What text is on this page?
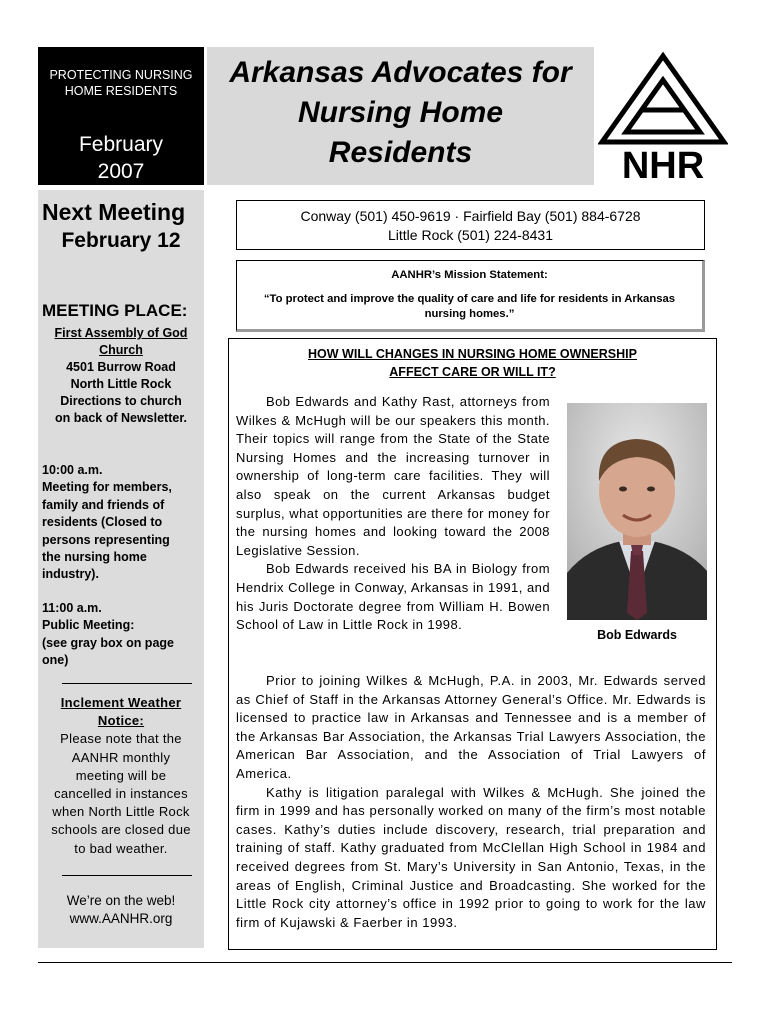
PROTECTING NURSING
HOME RESIDENTS
February
2007
Arkansas Advocates for
Nursing Home
Residents	NHR
Next Meeting
February 12
MEETING PLACE:
First Assembly of God
Church
4501 Burrow Road
North Little Rock
Directions to church
on back of Newsletter.
10:00 a.m.
Meeting for members,
family and friends of
residents (Closed to
persons representing
the nursing home
industry).
11:00 a.m.
Public Meeting:
(see gray box on page
one)
Inclement Weather
Notice:
Please note that the
AANHR monthly
meeting will be
cancelled in instances
when North Little Rock
schools are closed due
to bad weather.
We’re on the web!
www.AANHR.org
Conway (501) 450-9619 · Fairfield Bay (501) 884-6728
Little Rock (501) 224-8431
AANHR’s Mission Statement:
“To protect and improve the quality of care and life for residents in Arkansas nursing homes.”
HOW WILL CHANGES IN NURSING HOME OWNERSHIP
AFFECT CARE OR WILL IT?

Bob Edwards and Kathy Rast, attorneys from Wilkes & McHugh will be our speakers this month. Their topics will range from the State of the State Nursing Homes and the increasing turnover in ownership of long-term care facilities. They will also speak on the current Arkansas budget surplus, what opportunities are there for money for the nursing homes and looking toward the 2008 Legislative Session.

Bob Edwards received his BA in Biology from Hendrix College in Conway, Arkansas in 1991, and his Juris Doctorate degree from William H. Bowen School of Law in Little Rock in 1998.

Bob Edwards

Prior to joining Wilkes & McHugh, P.A. in 2003, Mr. Edwards served as Chief of Staff in the Arkansas Attorney General’s Office. Mr. Edwards is licensed to practice law in Arkansas and Tennessee and is a member of the Arkansas Bar Association, the Arkansas Trial Lawyers Association, the American Bar Association, and the Association of Trial Lawyers of America.

Kathy is litigation paralegal with Wilkes & McHugh. She joined the firm in 1999 and has personally worked on many of the firm’s most notable cases. Kathy’s duties include discovery, research, trial preparation and training of staff. Kathy graduated from McClellan High School in 1984 and received degrees from St. Mary’s University in San Antonio, Texas, in the areas of English, Criminal Justice and Broadcasting. She worked for the Little Rock city attorney’s office in 1992 prior to going to work for the law firm of Kujawski & Faerber in 1993.
